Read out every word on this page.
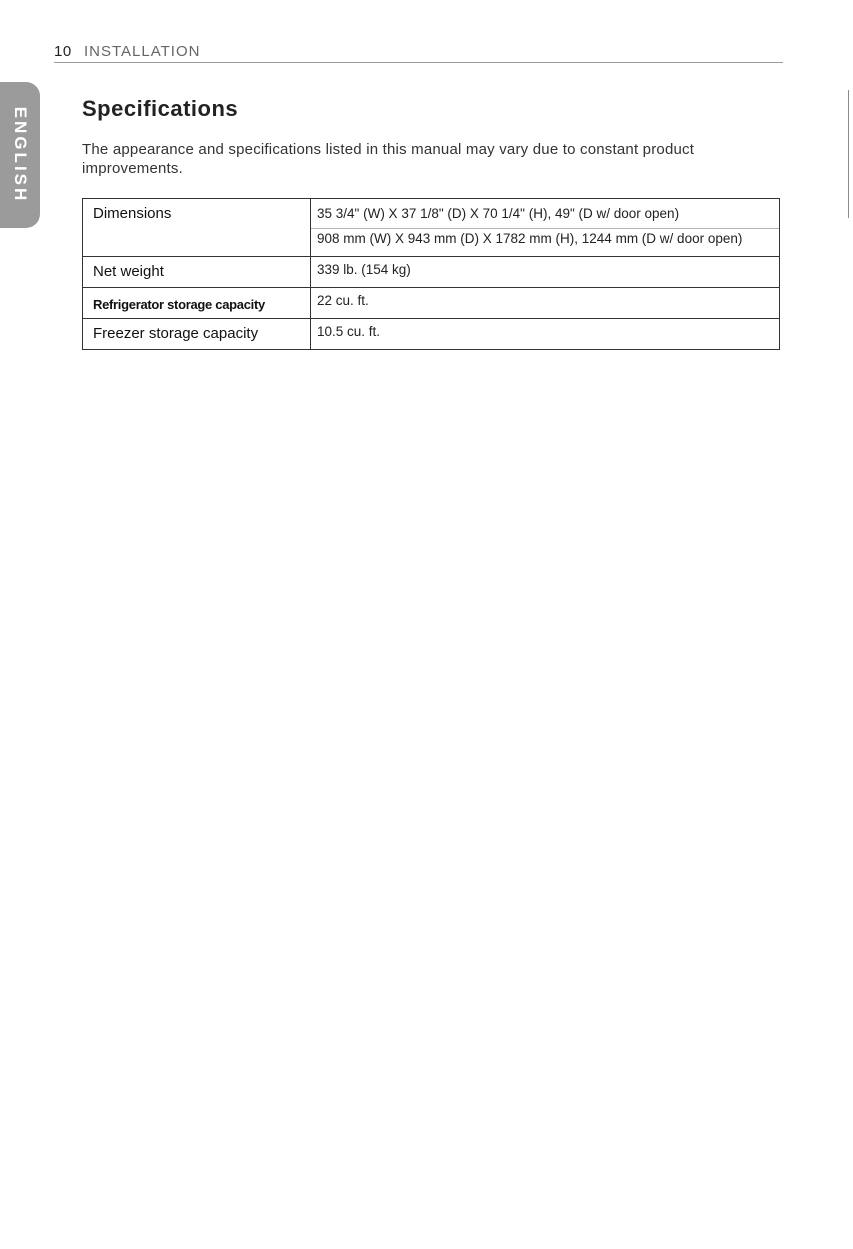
10 INSTALLATION
ENGLISH Specifications
The appearance and specifications listed in this manual may vary due to constant product improvements.
Dimensions	35 3/4" (W) X 37 1/8" (D) X 70 1/4" (H), 49" (D w/ door open)
908 mm (W) X 943 mm (D) X 1782 mm (H), 1244 mm (D w/ door open)

Net weight	339 lb. (154 kg)
Refrigerator storage capacity	22 cu. ft.
Freezer storage capacity	10.5 cu. ft.
